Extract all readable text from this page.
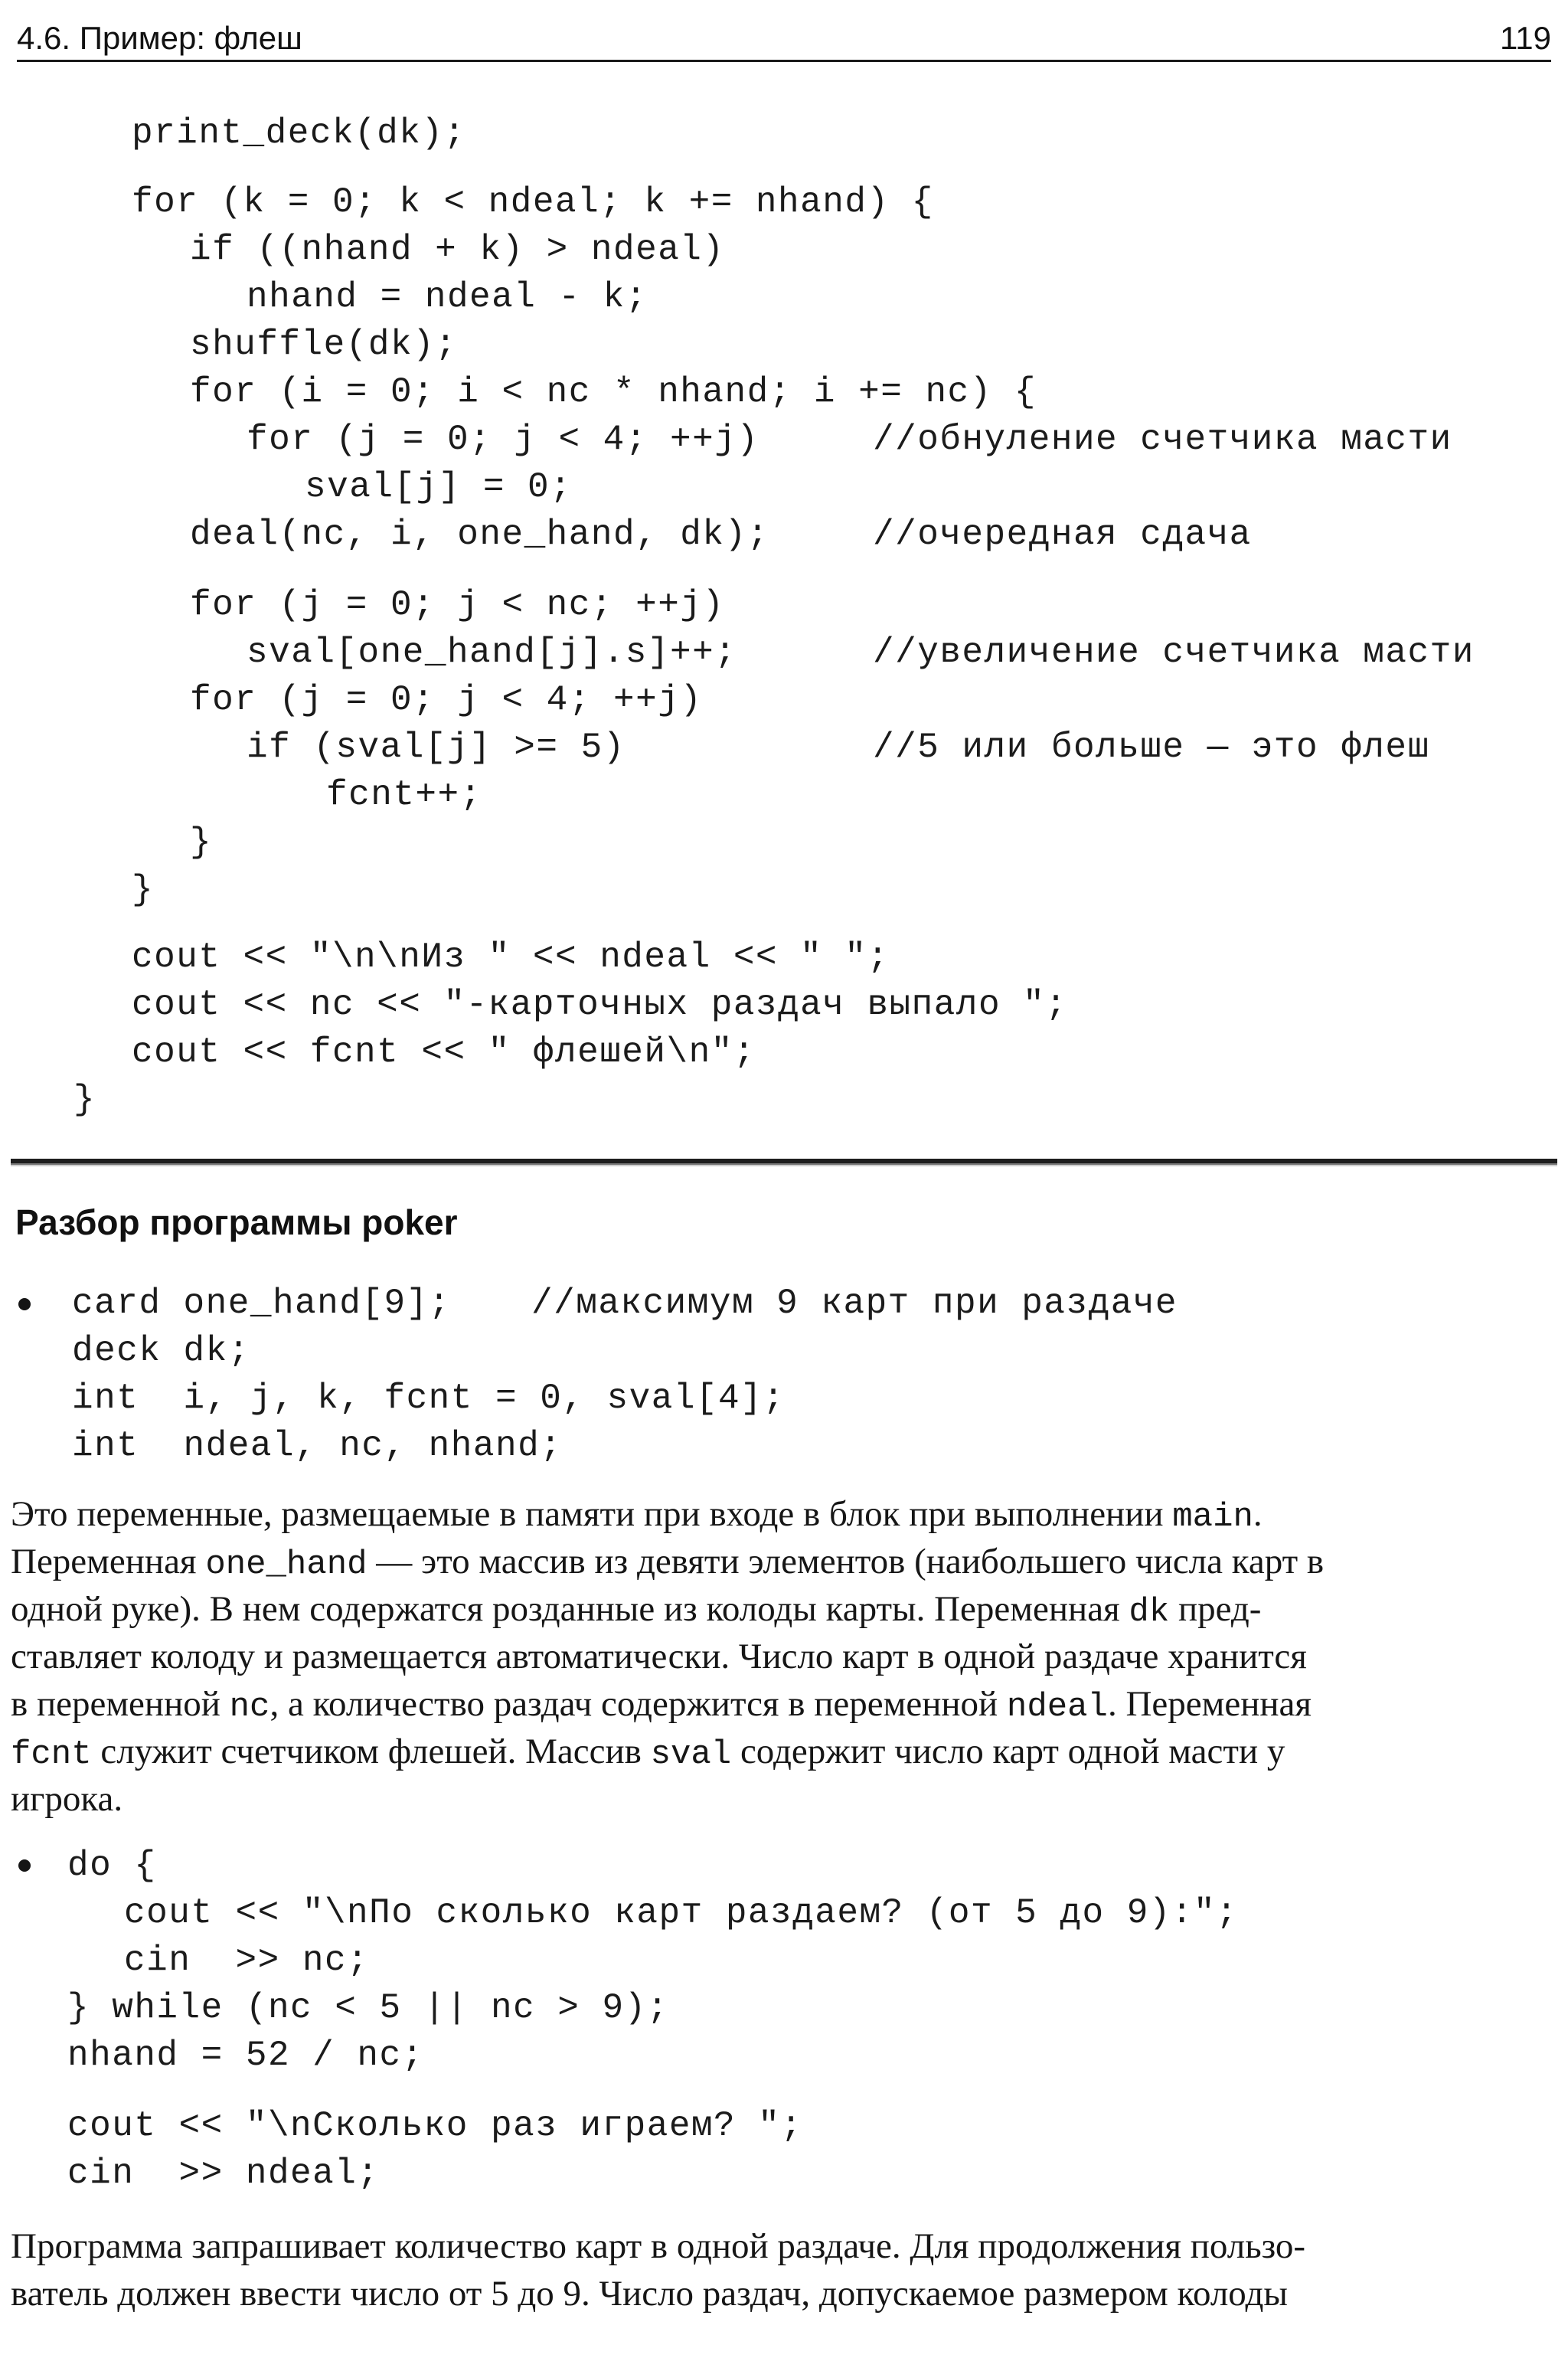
4.6. Пример: флеш	119
print_deck(dk);
for (k = 0; k < ndeal; k += nhand) {
if ((nhand + k) > ndeal)
nhand = ndeal - k;
shuffle(dk);
for (i = 0; i < nc * nhand; i += nc) {
for (j = 0; j < 4; ++j)	//обнуление счетчика масти
sval[j] = 0;
deal(nc, i, one_hand, dk);	//очередная сдача
for (j = 0; j < nc; ++j)
sval[one_hand[j].s]++;	//увеличение счетчика масти
for (j = 0; j < 4; ++j)
if (sval[j] >= 5)	//5 или больше — это флеш
fcnt++;
}
}
cout << "\n\nИз " << ndeal << " ";
cout << nc << "-карточных раздач выпало ";
cout << fcnt << " флешей\n";
}
Разбор программы poker
card one_hand[9]; //максимум 9 карт при раздаче
deck dk;
int  i, j, k, fcnt = 0, sval[4];
int  ndeal, nc, nhand;
Это переменные, размещаемые в памяти при входе в блок при выполнении main.
Переменная one_hand — это массив из девяти элементов (наибольшего числа карт в
одной руке). В нем содержатся розданные из колоды карты. Переменная dk пред-
ставляет колоду и размещается автоматически. Число карт в одной раздаче хранится
в переменной nc, а количество раздач содержится в переменной ndeal. Переменная
fcnt служит счетчиком флешей. Массив sval содержит число карт одной масти у
игрока.
do {
cout << "\nПо сколько карт раздаем? (от 5 до 9):";
cin  >> nc;
} while (nc < 5 || nc > 9);
nhand = 52 / nc;
cout << "\nСколько раз играем? ";
cin  >> ndeal;
Программа запрашивает количество карт в одной раздаче. Для продолжения пользо-
ватель должен ввести число от 5 до 9. Число раздач, допускаемое размером колоды
